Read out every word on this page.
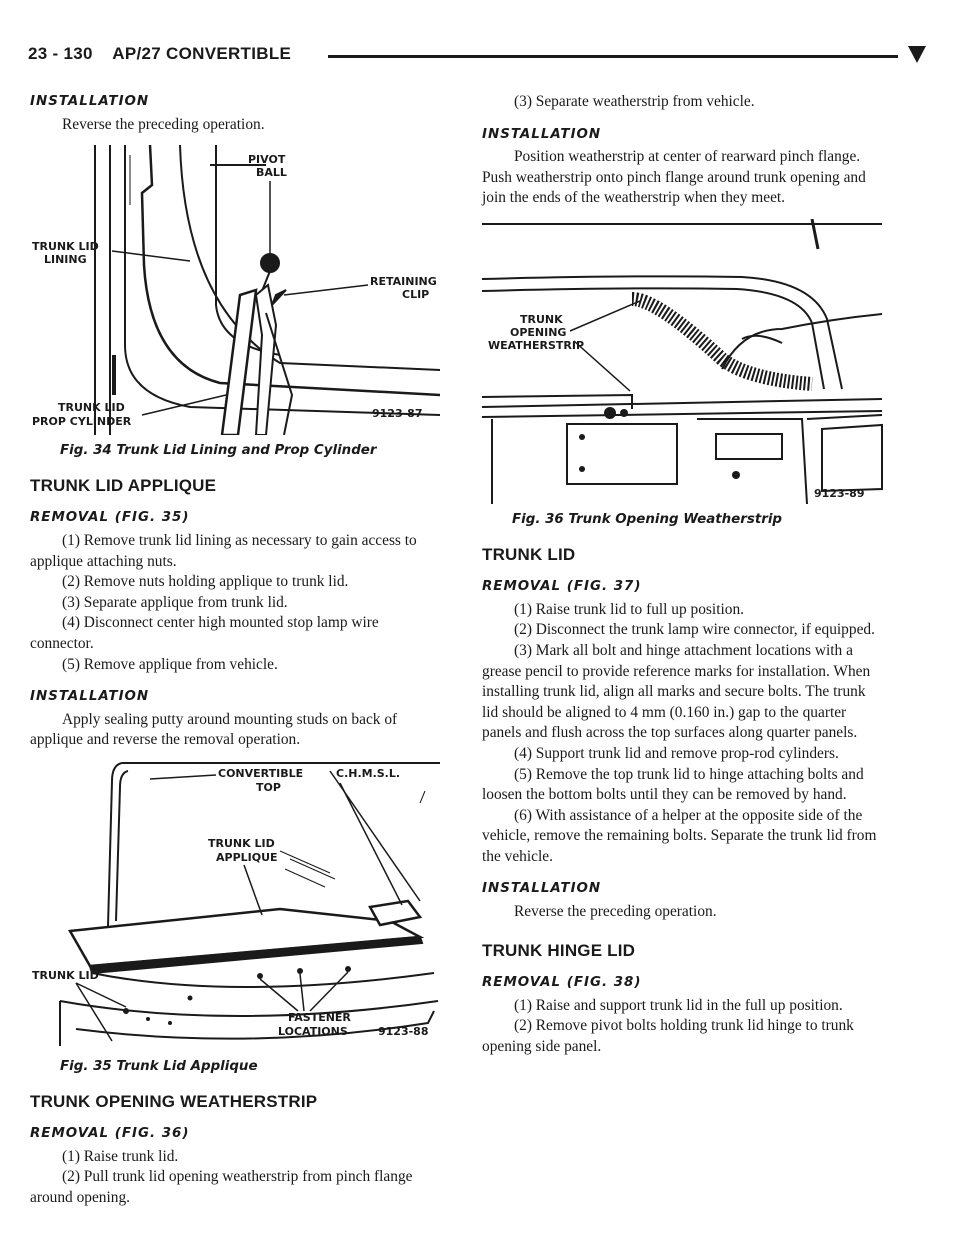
23 - 130    AP/27 CONVERTIBLE
INSTALLATION

Reverse the preceding operation.

PIVOT
BALL
TRUNK LID
LINING
RETAINING
CLIP
TRUNK LID
PROP CYLINDER
9123-87
Fig. 34 Trunk Lid Lining and Prop Cylinder
TRUNK LID APPLIQUE
REMOVAL (FIG. 35)

(1) Remove trunk lid lining as necessary to gain access to applique attaching nuts.

(2) Remove nuts holding applique to trunk lid.

(3) Separate applique from trunk lid.

(4) Disconnect center high mounted stop lamp wire connector.

(5) Remove applique from vehicle.

INSTALLATION

Apply sealing putty around mounting studs on back of applique and reverse the removal operation.

CONVERTIBLE
TOP
C.H.M.S.L.
TRUNK LID
APPLIQUE
TRUNK LID
FASTENER
LOCATIONS	9123-88
Fig. 35 Trunk Lid Applique
TRUNK OPENING WEATHERSTRIP
REMOVAL (FIG. 36)

(1) Raise trunk lid.

(2) Pull trunk lid opening weatherstrip from pinch flange around opening.

(3) Separate weatherstrip from vehicle.

INSTALLATION

Position weatherstrip at center of rearward pinch flange. Push weatherstrip onto pinch flange around trunk opening and join the ends of the weatherstrip when they meet.

TRUNK
OPENING
WEATHERSTRIP
9123-89
Fig. 36 Trunk Opening Weatherstrip
TRUNK LID
REMOVAL (FIG. 37)

(1) Raise trunk lid to full up position.

(2) Disconnect the trunk lamp wire connector, if equipped.

(3) Mark all bolt and hinge attachment locations with a grease pencil to provide reference marks for installation. When installing trunk lid, align all marks and secure bolts. The trunk lid should be aligned to 4 mm (0.160 in.) gap to the quarter panels and flush across the top surfaces along quarter panels.

(4) Support trunk lid and remove prop-rod cylinders.

(5) Remove the top trunk lid to hinge attaching bolts and loosen the bottom bolts until they can be removed by hand.

(6) With assistance of a helper at the opposite side of the vehicle, remove the remaining bolts. Separate the trunk lid from the vehicle.

INSTALLATION

Reverse the preceding operation.

TRUNK HINGE LID
REMOVAL (FIG. 38)

(1) Raise and support trunk lid in the full up position.

(2) Remove pivot bolts holding trunk lid hinge to trunk opening side panel.
